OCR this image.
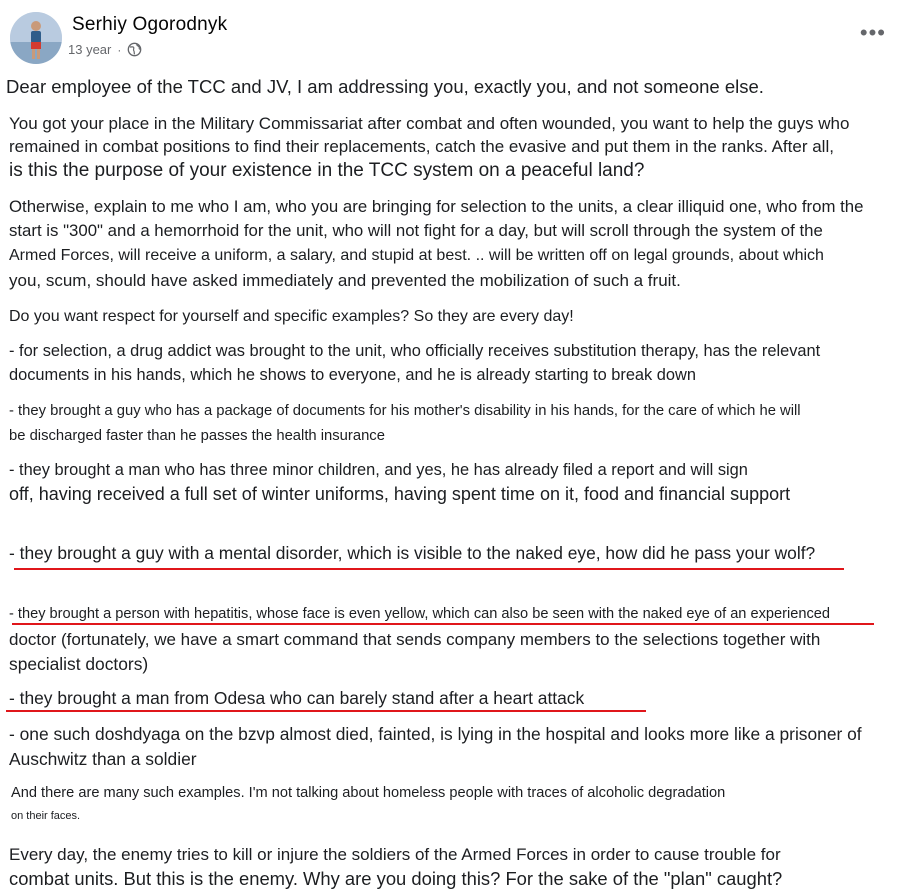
Serhiy Ogorodnyk
13 year ·
•••
Dear employee of the TCC and JV, I am addressing you, exactly you, and not someone else.
You got your place in the Military Commissariat after combat and often wounded, you want to help the guys who
remained in combat positions to find their replacements, catch the evasive and put them in the ranks. After all,
is this the purpose of your existence in the TCC system on a peaceful land?
Otherwise, explain to me who I am, who you are bringing for selection to the units, a clear illiquid one, who from the
start is "300" and a hemorrhoid for the unit, who will not fight for a day, but will scroll through the system of the
Armed Forces, will receive a uniform, a salary, and stupid at best. .. will be written off on legal grounds, about which
you, scum, should have asked immediately and prevented the mobilization of such a fruit.
Do you want respect for yourself and specific examples? So they are every day!
- for selection, a drug addict was brought to the unit, who officially receives substitution therapy, has the relevant
documents in his hands, which he shows to everyone, and he is already starting to break down
- they brought a guy who has a package of documents for his mother's disability in his hands, for the care of which he will
be discharged faster than he passes the health insurance
- they brought a man who has three minor children, and yes, he has already filed a report and will sign
off, having received a full set of winter uniforms, having spent time on it, food and financial support
- they brought a guy with a mental disorder, which is visible to the naked eye, how did he pass your wolf?
- they brought a person with hepatitis, whose face is even yellow, which can also be seen with the naked eye of an experienced
doctor (fortunately, we have a smart command that sends company members to the selections together with
specialist doctors)
- they brought a man from Odesa who can barely stand after a heart attack
- one such doshdyaga on the bzvp almost died, fainted, is lying in the hospital and looks more like a prisoner of
Auschwitz than a soldier
And there are many such examples. I'm not talking about homeless people with traces of alcoholic degradation
on their faces.
Every day, the enemy tries to kill or injure the soldiers of the Armed Forces in order to cause trouble for
combat units. But this is the enemy. Why are you doing this? For the sake of the "plan" caught?
